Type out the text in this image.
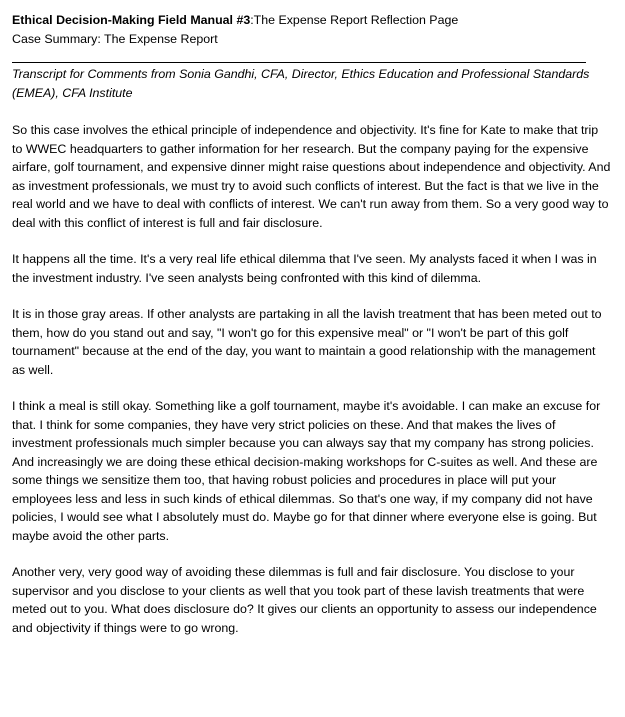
Ethical Decision-Making Field Manual #3:The Expense Report Reflection Page

Case Summary: The Expense Report

Transcript for Comments from Sonia Gandhi, CFA, Director, Ethics Education and Professional Standards (EMEA), CFA Institute

So this case involves the ethical principle of independence and objectivity. It's fine for Kate to make that trip to WWEC headquarters to gather information for her research. But the company paying for the expensive airfare, golf tournament, and expensive dinner might raise questions about independence and objectivity. And as investment professionals, we must try to avoid such conflicts of interest. But the fact is that we live in the real world and we have to deal with conflicts of interest. We can't run away from them. So a very good way to deal with this conflict of interest is full and fair disclosure.

It happens all the time. It's a very real life ethical dilemma that I've seen. My analysts faced it when I was in the investment industry. I've seen analysts being confronted with this kind of dilemma.

It is in those gray areas. If other analysts are partaking in all the lavish treatment that has been meted out to them, how do you stand out and say, "I won't go for this expensive meal" or "I won't be part of this golf tournament" because at the end of the day, you want to maintain a good relationship with the management as well.

I think a meal is still okay. Something like a golf tournament, maybe it's avoidable. I can make an excuse for that. I think for some companies, they have very strict policies on these. And that makes the lives of investment professionals much simpler because you can always say that my company has strong policies. And increasingly we are doing these ethical decision-making workshops for C-suites as well. And these are some things we sensitize them too, that having robust policies and procedures in place will put your employees less and less in such kinds of ethical dilemmas. So that's one way, if my company did not have policies, I would see what I absolutely must do. Maybe go for that dinner where everyone else is going. But maybe avoid the other parts.

Another very, very good way of avoiding these dilemmas is full and fair disclosure. You disclose to your supervisor and you disclose to your clients as well that you took part of these lavish treatments that were meted out to you. What does disclosure do? It gives our clients an opportunity to assess our independence and objectivity if things were to go wrong.
